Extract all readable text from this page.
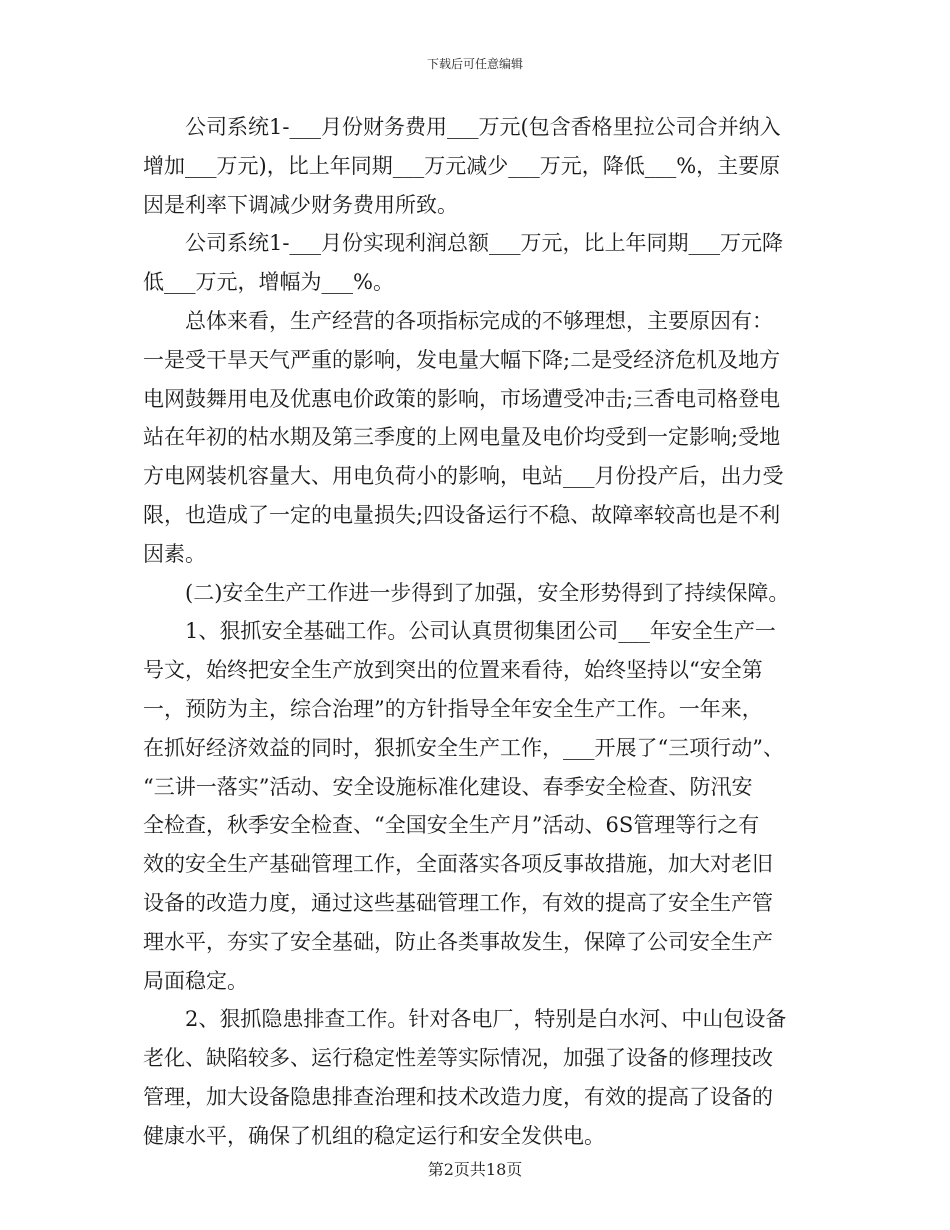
下载后可任意编辑
公司系统1-___月份财务费用___万元(包含香格里拉公司合并纳入
增加___万元)，比上年同期___万元减少___万元，降低___%，主要原
因是利率下调减少财务费用所致。
公司系统1-___月份实现利润总额___万元，比上年同期___万元降
低___万元，增幅为___%。
总体来看，生产经营的各项指标完成的不够理想，主要原因有：
一是受干旱天气严重的影响，发电量大幅下降;二是受经济危机及地方
电网鼓舞用电及优惠电价政策的影响，市场遭受冲击;三香电司格登电
站在年初的枯水期及第三季度的上网电量及电价均受到一定影响;受地
方电网装机容量大、用电负荷小的影响，电站___月份投产后，出力受
限，也造成了一定的电量损失;四设备运行不稳、故障率较高也是不利
因素。
(二)安全生产工作进一步得到了加强，安全形势得到了持续保障。
1、狠抓安全基础工作。公司认真贯彻集团公司___年安全生产一
号文，始终把安全生产放到突出的位置来看待，始终坚持以“安全第
一，预防为主，综合治理”的方针指导全年安全生产工作。一年来，
在抓好经济效益的同时，狠抓安全生产工作，___开展了“三项行动”、
“三讲一落实”活动、安全设施标准化建设、春季安全检查、防汛安
全检查，秋季安全检查、“全国安全生产月”活动、6S管理等行之有
效的安全生产基础管理工作，全面落实各项反事故措施，加大对老旧
设备的改造力度，通过这些基础管理工作，有效的提高了安全生产管
理水平，夯实了安全基础，防止各类事故发生，保障了公司安全生产
局面稳定。
2、狠抓隐患排查工作。针对各电厂，特别是白水河、中山包设备
老化、缺陷较多、运行稳定性差等实际情况，加强了设备的修理技改
管理，加大设备隐患排查治理和技术改造力度，有效的提高了设备的
健康水平，确保了机组的稳定运行和安全发供电。
第2页共18页
